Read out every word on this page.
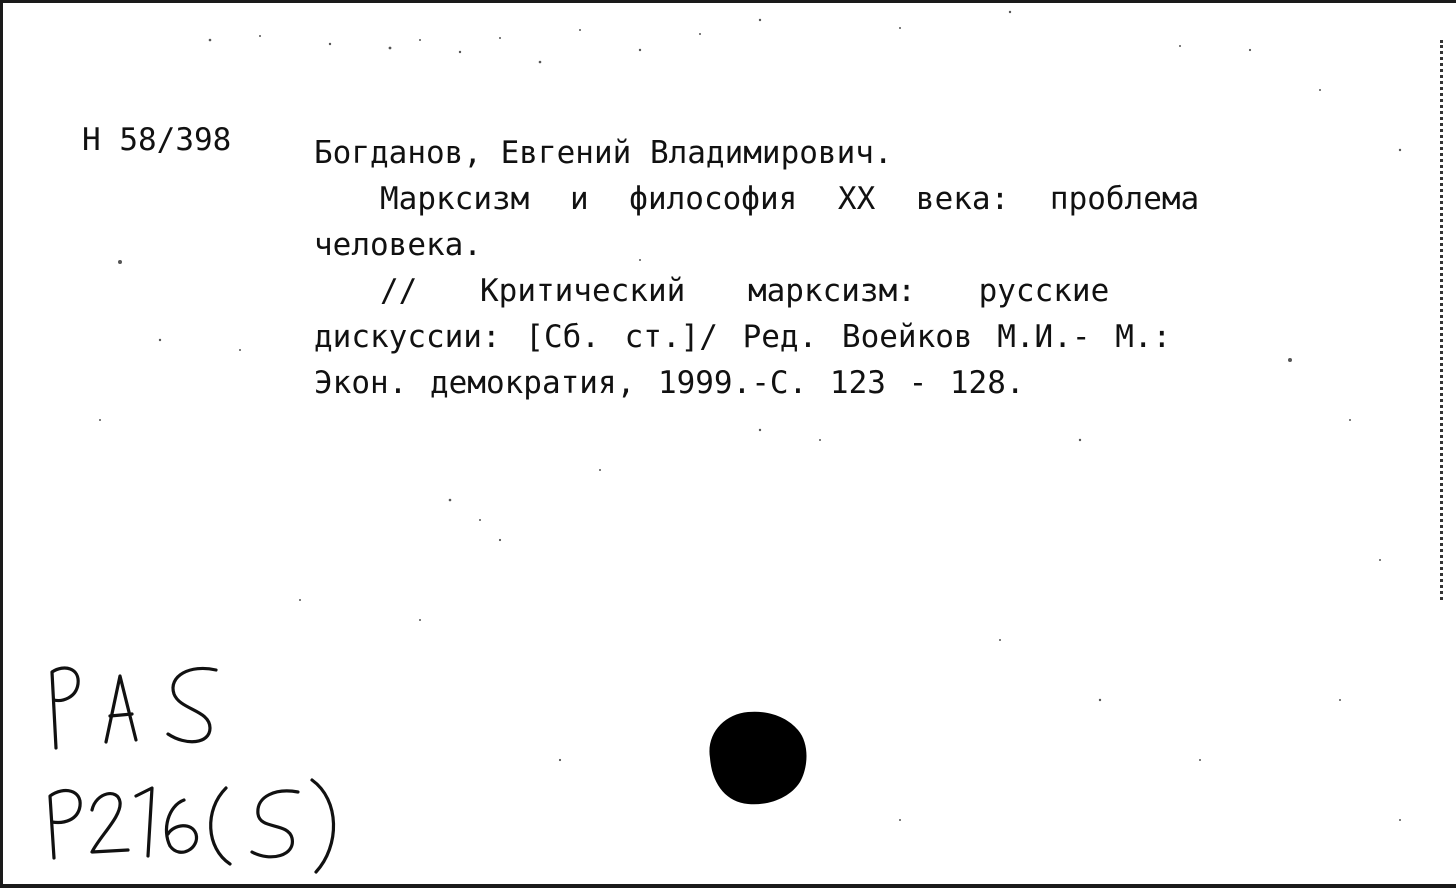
Н 58/398	Богданов, Евгений Владимирович.
Марксизм и философия XX века: проблема
человека.
// Критический марксизм: русские
дискуссии: [Сб. ст.]/ Ред. Воейков М.И.- М.:
Экон. демократия, 1999.-С. 123 - 128.
